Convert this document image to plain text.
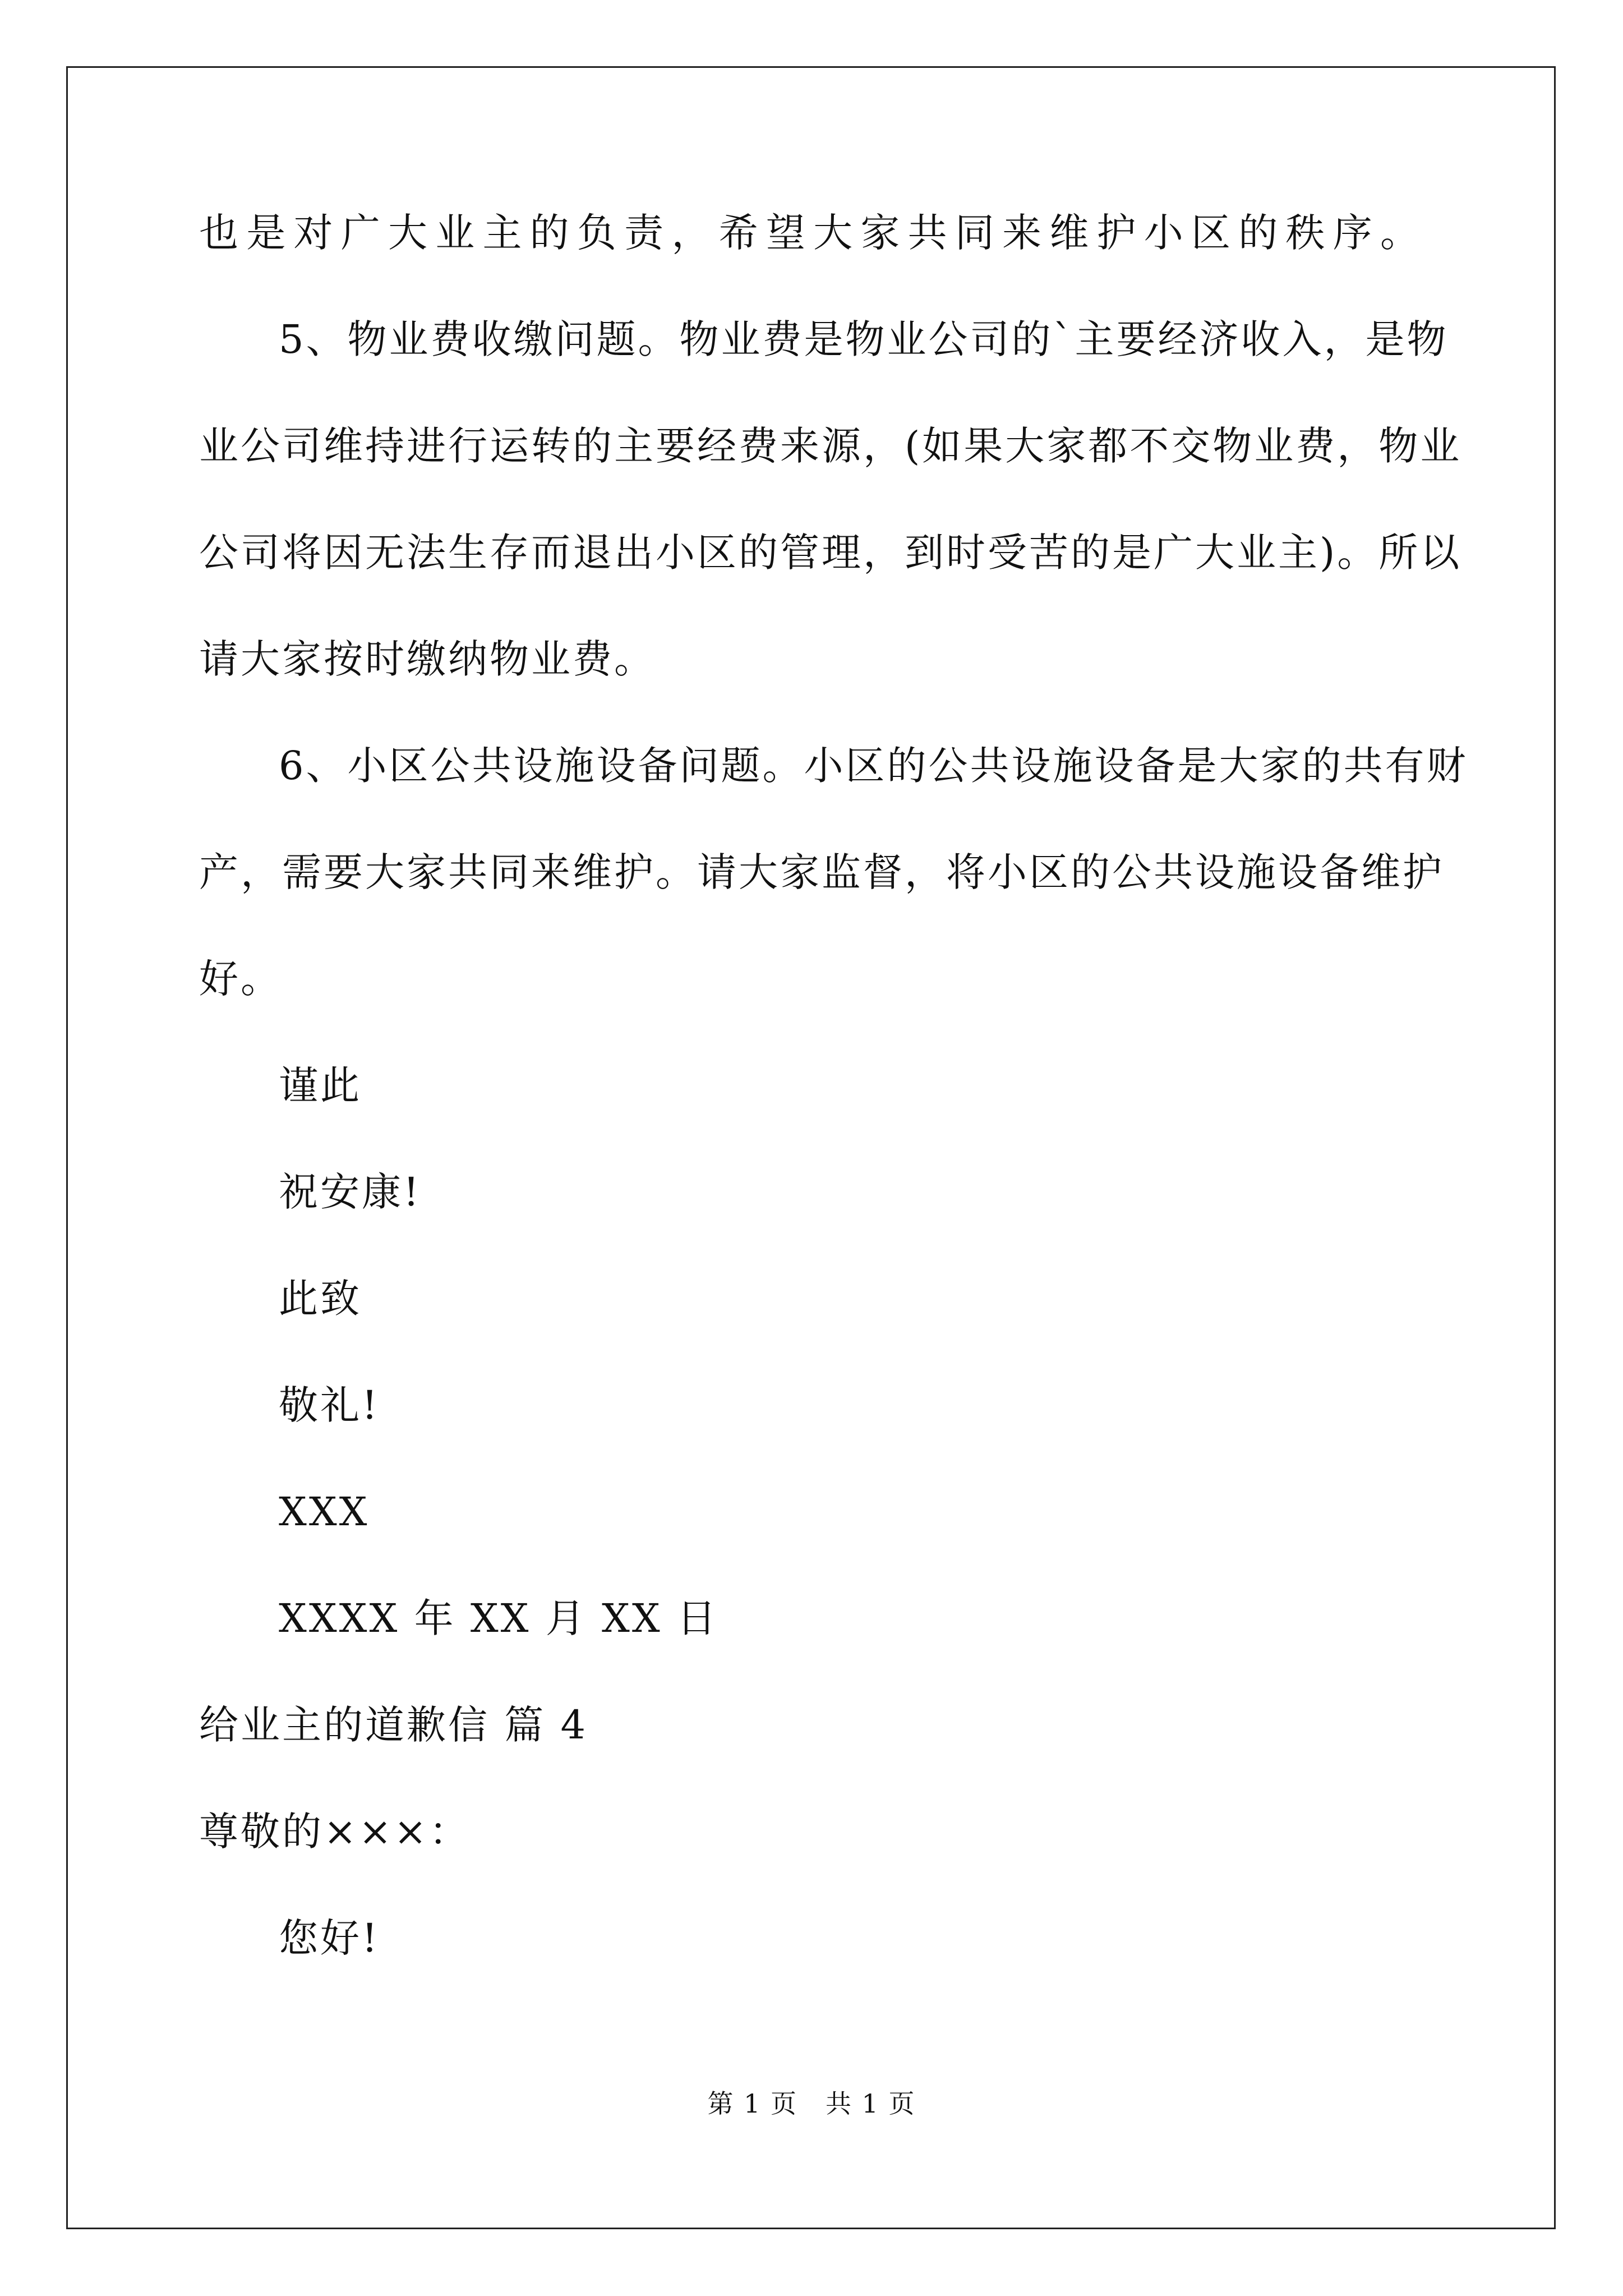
也是对广大业主的负责，希望大家共同来维护小区的秩序。
5、物业费收缴问题。物业费是物业公司的`主要经济收入，是物
业公司维持进行运转的主要经费来源，(如果大家都不交物业费，物业
公司将因无法生存而退出小区的管理，到时受苦的是广大业主)。所以
请大家按时缴纳物业费。
6、小区公共设施设备问题。小区的公共设施设备是大家的共有财
产，需要大家共同来维护。请大家监督，将小区的公共设施设备维护
好。
谨此
祝安康!
此致
敬礼!
XXX
XXXX 年 XX 月 XX 日
给业主的道歉信 篇 4
尊敬的×××：
您好!
第 1 页 共 1 页
